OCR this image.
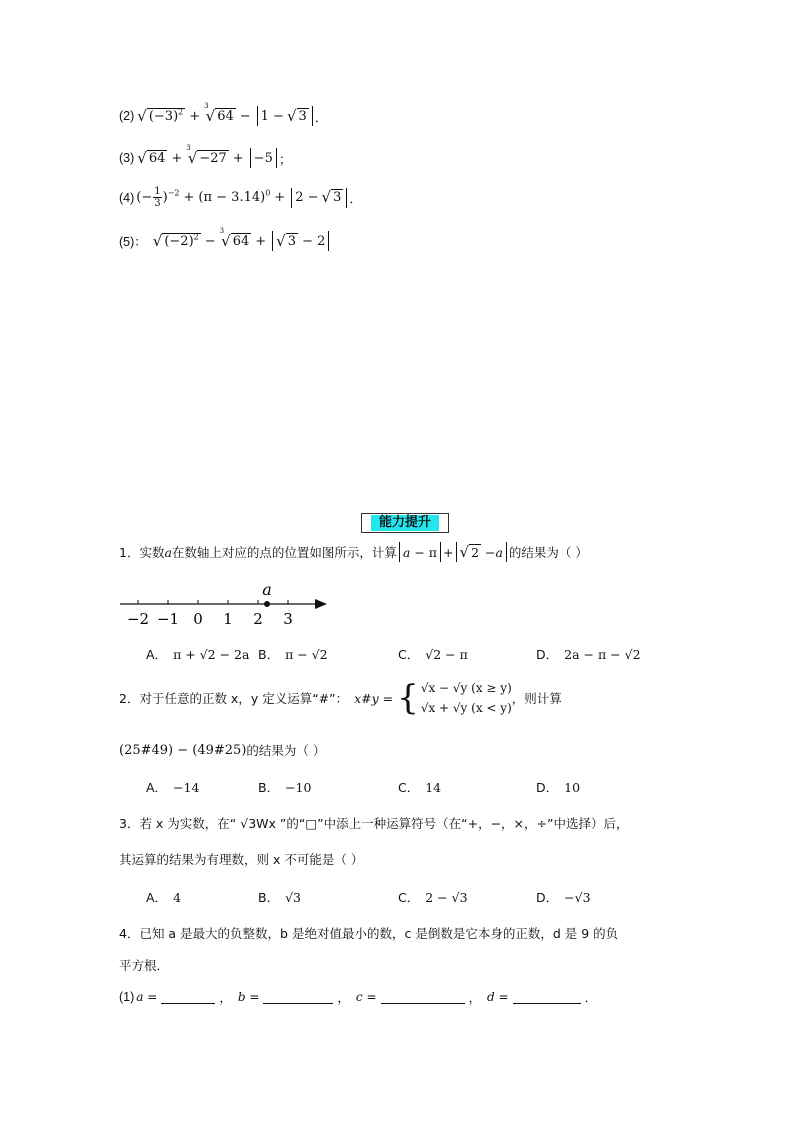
(2) √ $(-3)^2$ +
3
√ 64 − 1 − √ 3 ．
(3) √ 64 +
3
√ −27 + −5 ；
(4) (− $\frac{1}{3} )^{-2} + (\pi - 3.14)^0 + 2$ − √ 3 ．
(5)： √ $(-2)^2$ −
3
√ 64 + √ 3 − 2
能力提升
1．实数 a 在数轴上对应的点的位置如图所示，计算 a − π + √ 2 − a 的结果为（ ）
−2 −1 0 1 2 3
a
A． π + √2 − 2a B． π − √2	C． √2 − π	D． 2a − π − √2
2．对于任意的正数 x，y 定义运算“#”： x#y = { √x − √y (x ≥ y)
√x + √y (x < y)
，则计算
(25#49) − (49#25) 的结果为（ ）
A． −14	B． −10	C． 14	D． 10
3．若 x 为实数，在“ √3Wx ”的“□”中添上一种运算符号（在“+，−，×，÷”中选择）后，
其运算的结果为有理数，则 x 不可能是（ ）
A． 4	B． √3	C． 2 − √3	D． −√3
4．已知 a 是最大的负整数，b 是绝对值最小的数，c 是倒数是它本身的正数，d 是 9 的负
平方根．
(1) a =	， b =	， c =	， d =	．
